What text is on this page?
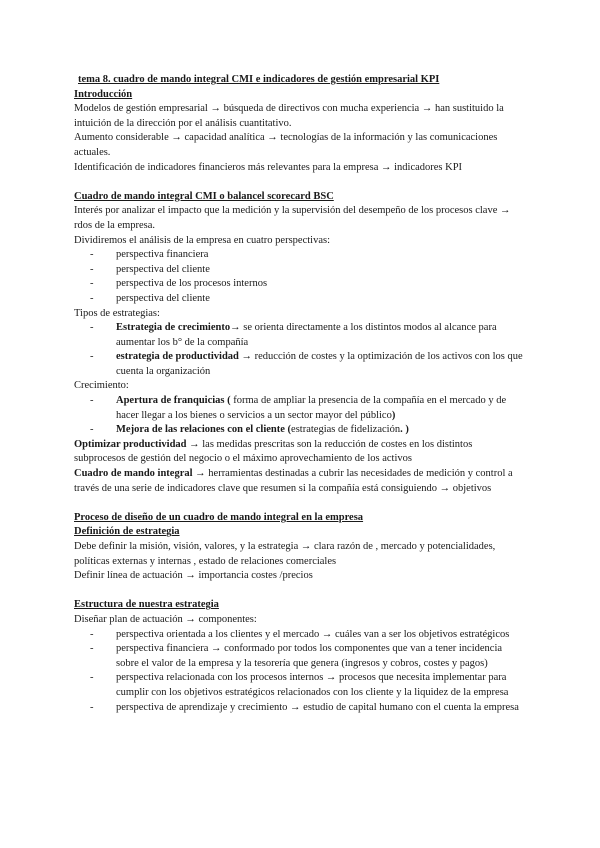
tema 8. cuadro de mando integral CMI e indicadores de gestión empresarial KPI

Introducción

Modelos de gestión empresarial → búsqueda de directivos con mucha experiencia → han sustituido la intuición de la dirección por el análisis cuantitativo.

Aumento considerable → capacidad analítica → tecnologías de la información y las comunicaciones actuales.

Identificación de indicadores financieros más relevantes para la empresa → indicadores KPI

Cuadro de mando integral CMI o balancel scorecard BSC

Interés por analizar el impacto que la medición y la supervisión del desempeño de los procesos clave → rdos de la empresa.

Dividiremos el análisis de la empresa en cuatro perspectivas:

- perspectiva financiera
- perspectiva del cliente
- perspectiva de los procesos internos
- perspectiva del cliente

Tipos de estrategias:

- Estrategia de crecimiento→ se orienta directamente a los distintos modos al alcance para aumentar los b° de la compañía
- estrategia de productividad → reducción de costes y la optimización de los activos con los que cuenta la organización

Crecimiento:

- Apertura de franquicias ( forma de ampliar la presencia de la compañía en el mercado y de hacer llegar a los bienes o servicios a un sector mayor del público)
- Mejora de las relaciones con el cliente (estrategias de fidelización. )

Optimizar productividad → las medidas prescritas son la reducción de costes en los distintos subprocesos de gestión del negocio o el máximo aprovechamiento de los activos

Cuadro de mando integral → herramientas destinadas a cubrir las necesidades de medición y control a través de una serie de indicadores clave que resumen si la compañía está consiguiendo → objetivos

Proceso de diseño de un cuadro de mando integral en la empresa

Definición de estrategia

Debe definir la misión, visión, valores, y la estrategia → clara razón de , mercado y potencialidades, políticas externas y internas , estado de relaciones comerciales

Definir línea de actuación → importancia costes /precios

Estructura de nuestra estrategia

Diseñar plan de actuación → componentes:

- perspectiva orientada a los clientes y el mercado → cuáles van a ser los objetivos estratégicos
- perspectiva financiera → conformado por todos los componentes que van a tener incidencia sobre el valor de la empresa y la tesorería que genera (ingresos y cobros, costes y pagos)
- perspectiva relacionada con los procesos internos → procesos que necesita implementar para cumplir con los objetivos estratégicos relacionados con los cliente y la liquidez de la empresa
- perspectiva de aprendizaje y crecimiento → estudio de capital humano con el cuenta la empresa
